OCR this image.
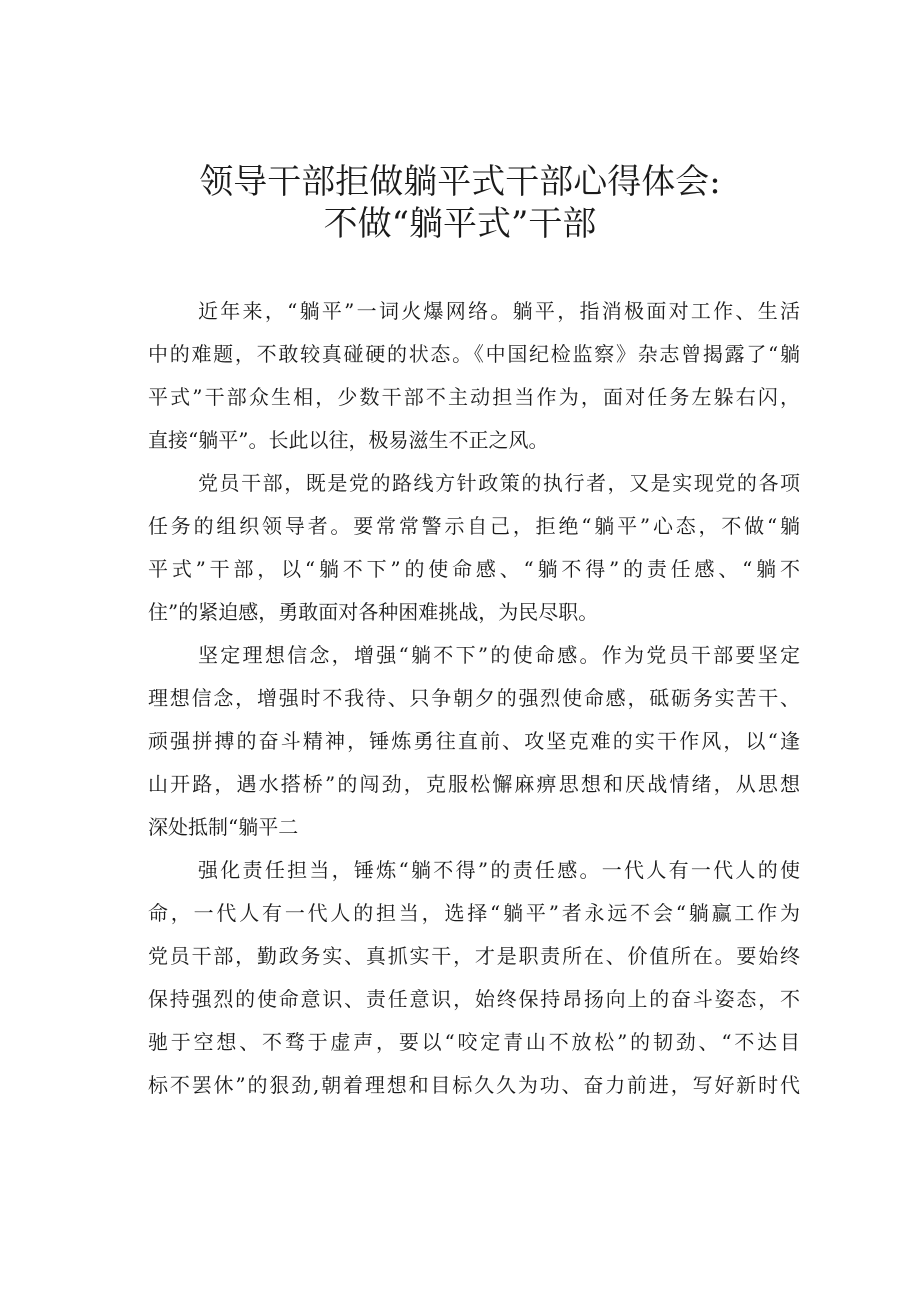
领导干部拒做躺平式干部心得体会:
不做“躺平式”干部
近年来，“躺平”一词火爆网络。躺平，指消极面对工作、生活
中的难题，不敢较真碰硬的状态。《中国纪检监察》杂志曾揭露了“躺
平式”干部众生相，少数干部不主动担当作为，面对任务左躲右闪，
直接“躺平”。长此以往，极易滋生不正之风。
党员干部，既是党的路线方针政策的执行者，又是实现党的各项
任务的组织领导者。要常常警示自己，拒绝“躺平”心态，不做“躺
平式”干部，以“躺不下”的使命感、“躺不得”的责任感、“躺不
住”的紧迫感，勇敢面对各种困难挑战，为民尽职。
坚定理想信念，增强“躺不下”的使命感。作为党员干部要坚定
理想信念，增强时不我待、只争朝夕的强烈使命感，砥砺务实苦干、
顽强拼搏的奋斗精神，锤炼勇往直前、攻坚克难的实干作风，以“逢
山开路，遇水搭桥”的闯劲，克服松懈麻痹思想和厌战情绪，从思想
深处抵制“躺平二
强化责任担当，锤炼“躺不得”的责任感。一代人有一代人的使
命，一代人有一代人的担当，选择“躺平”者永远不会“躺赢工作为
党员干部，勤政务实、真抓实干，才是职责所在、价值所在。要始终
保持强烈的使命意识、责任意识，始终保持昂扬向上的奋斗姿态，不
驰于空想、不骛于虚声，要以“咬定青山不放松”的韧劲、“不达目
标不罢休”的狠劲,朝着理想和目标久久为功、奋力前进，写好新时代
